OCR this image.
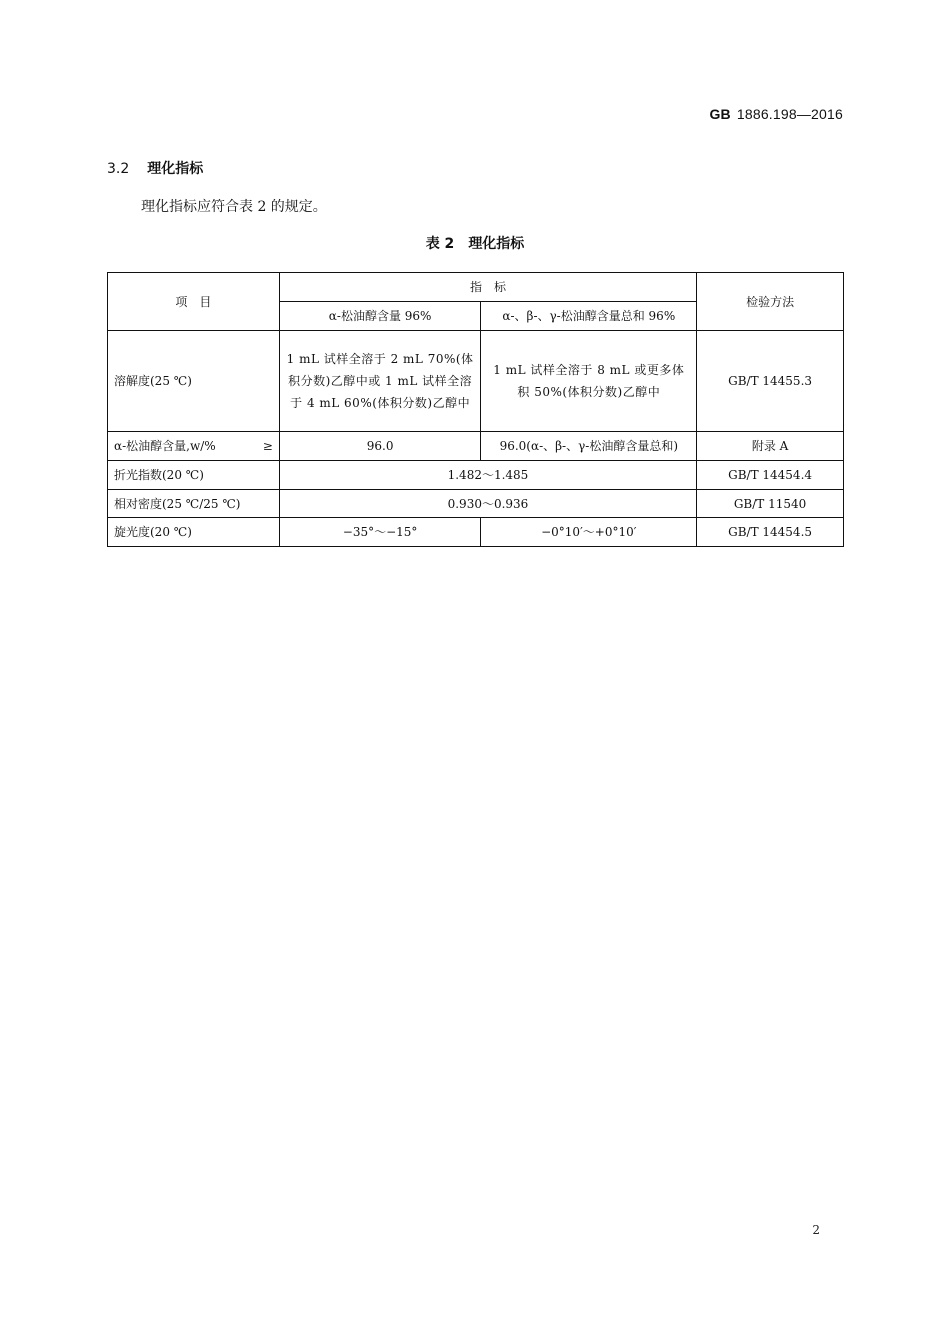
GB 1886.198—2016
3.2 理化指标
理化指标应符合表 2 的规定。
表 2 理化指标
项　目	指　标		检验方法
	α-松油醇含量 96%	α-、β-、γ-松油醇含量总和 96%	
溶解度(25 ℃)	1 mL 试样全溶于 2 mL 70%(体积分数)乙醇中或 1 mL 试样全溶于 4 mL 60%(体积分数)乙醇中	1 mL 试样全溶于 8 mL 或更多体积 50%(体积分数)乙醇中	GB/T 14455.3

α-松油醇含量,w/% ≥	96.0	96.0(α-、β-、γ-松油醇含量总和)	附录 A
折光指数(20 ℃)	1.482～1.485		GB/T 14454.4
相对密度(25 ℃/25 ℃)	0.930～0.936		GB/T 11540
旋光度(20 ℃)	−35°～−15°	−0°10′～+0°10′	GB/T 14454.5
2
